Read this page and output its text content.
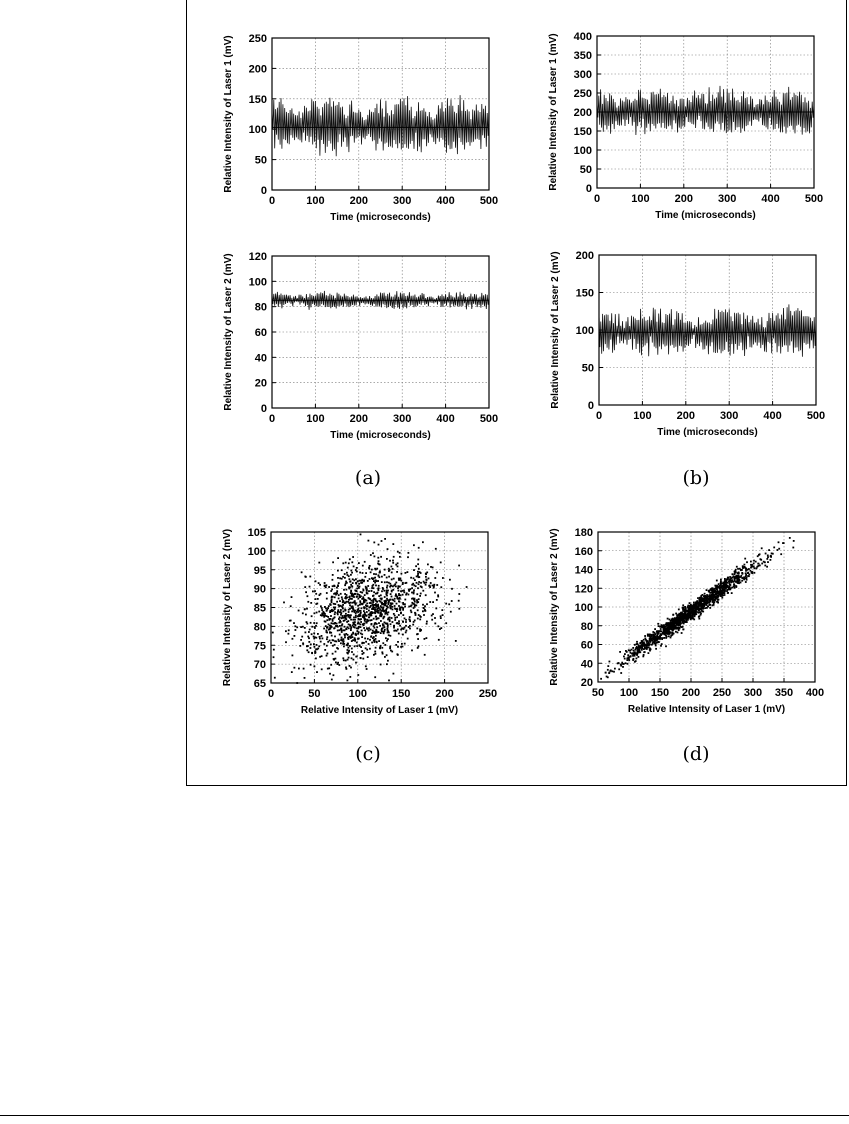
0	100 200 300 400 500
0
50
100
150
200
250
Time (microseconds)
Relative Intensity of Laser 1 (mV)
0	100 200 300 400 500
0
50
100
150
200
250
300
350
400
Time (microseconds)
Relative Intensity of Laser 1 (mV)
0	100 200 300 400 500
0
20
40
60
80
100
120
Time (microseconds)
Relative Intensity of Laser 2 (mV)
0	100 200 300 400 500
0
50
100
150
200
Time (microseconds)
Relative Intensity of Laser 2 (mV)
0	50	100 150 200 250
65
70
75
80
85
90
95
100
105
Relative Intensity of Laser 1 (mV)
Relative Intensity of Laser 2 (mV)
50 100 150 200 250 300 350 400
20
40
60
80
100
120
140
160
180
Relative Intensity of Laser 1 (mV)
Relative Intensity of Laser 2 (mV)
(a)	(b)
(c)	(d)
